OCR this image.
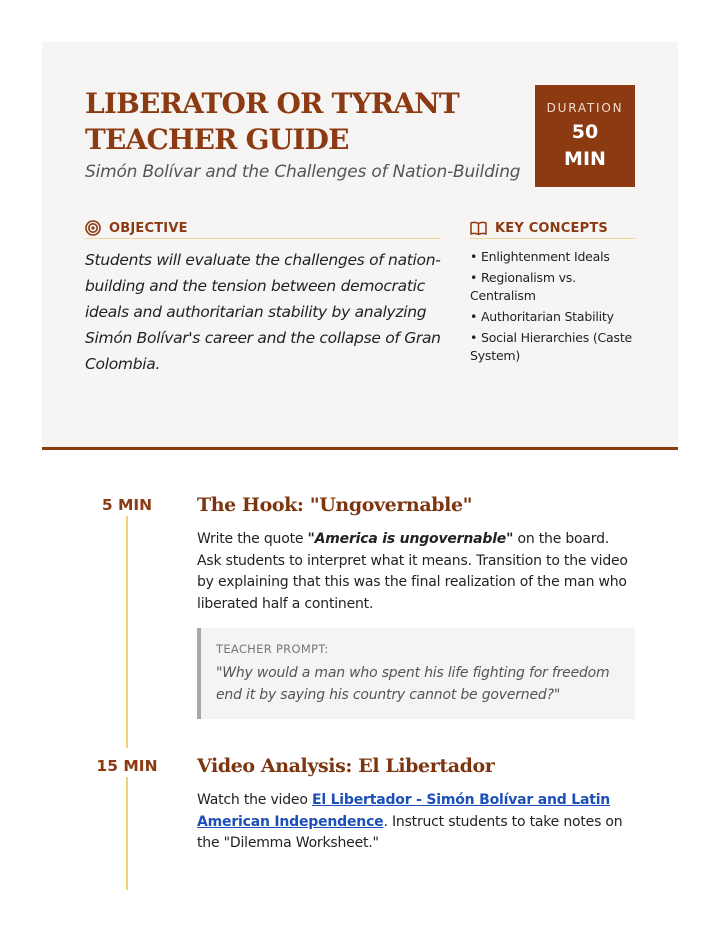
LIBERATOR OR TYRANT
TEACHER GUIDE
Simón Bolívar and the Challenges of Nation-Building
DURATION
50
MIN
OBJECTIVE

Students will evaluate the challenges of nation-building and the tension between democratic ideals and authoritarian stability by analyzing Simón Bolívar's career and the collapse of Gran Colombia.

KEY CONCEPTS
• Enlightenment Ideals
• Regionalism vs. Centralism
• Authoritarian Stability
• Social Hierarchies (Caste System)
5 MIN	The Hook: "Ungovernable"

Write the quote "America is ungovernable" on the board. Ask students to interpret what it means. Transition to the video by explaining that this was the final realization of the man who liberated half a continent.

TEACHER PROMPT:
"Why would a man who spent his life fighting for freedom end it by saying his country cannot be governed?"
15 MIN	Video Analysis: El Libertador

Watch the video El Libertador - Simón Bolívar and Latin American Independence. Instruct students to take notes on the "Dilemma Worksheet."
